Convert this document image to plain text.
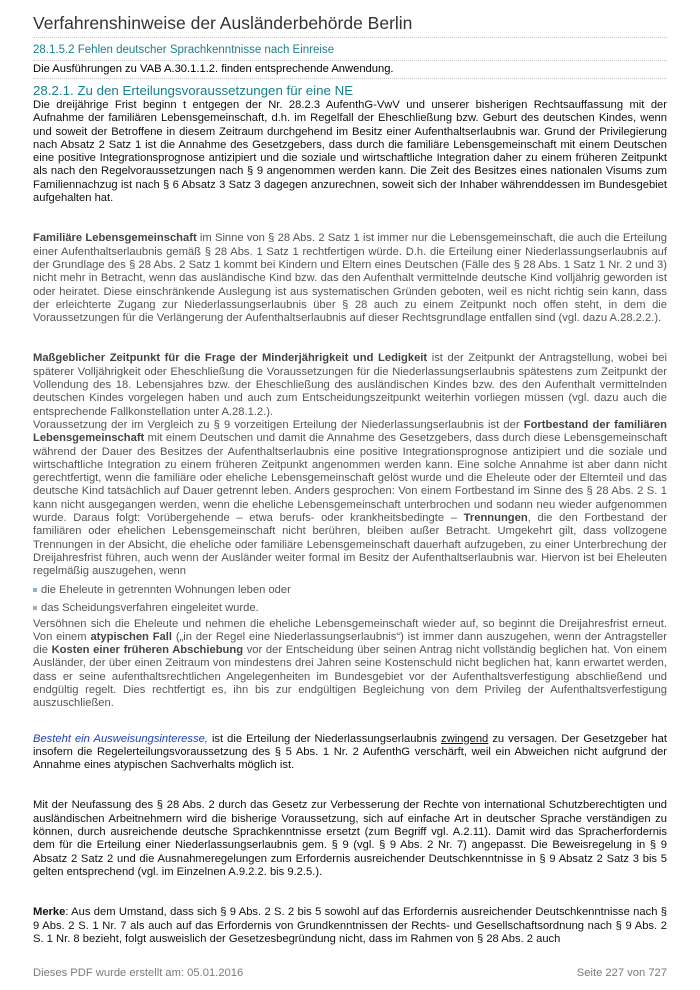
Verfahrenshinweise der Ausländerbehörde Berlin
28.1.5.2 Fehlen deutscher Sprachkenntnisse nach Einreise
Die Ausführungen zu VAB A.30.1.1.2. finden entsprechende Anwendung.
28.2.1. Zu den Erteilungsvoraussetzungen für eine NE

Die dreijährige Frist beginn t entgegen der Nr. 28.2.3 AufenthG-VwV und unserer bisherigen Rechtsauffassung mit der Aufnahme der familiären Lebensgemeinschaft, d.h. im Regelfall der Eheschließung bzw. Geburt des deutschen Kindes, wenn und soweit der Betroffene in diesem Zeitraum durchgehend im Besitz einer Aufenthaltserlaubnis war. Grund der Privilegierung nach Absatz 2 Satz 1 ist die Annahme des Gesetzgebers, dass durch die familiäre Lebensgemeinschaft mit einem Deutschen eine positive Integrationsprognose antizipiert und die soziale und wirtschaftliche Integration daher zu einem früheren Zeitpunkt als nach den Regelvoraussetzungen nach § 9 angenommen werden kann. Die Zeit des Besitzes eines nationalen Visums zum Familiennachzug ist nach § 6 Absatz 3 Satz 3 dagegen anzurechnen, soweit sich der Inhaber währenddessen im Bundesgebiet aufgehalten hat.

Familiäre Lebensgemeinschaft im Sinne von § 28 Abs. 2 Satz 1 ist immer nur die Lebensgemeinschaft, die auch die Erteilung einer Aufenthaltserlaubnis gemäß § 28 Abs. 1 Satz 1 rechtfertigen würde. D.h. die Erteilung einer Niederlassungserlaubnis auf der Grundlage des § 28 Abs. 2 Satz 1 kommt bei Kindern und Eltern eines Deutschen (Fälle des § 28 Abs. 1 Satz 1 Nr. 2 und 3) nicht mehr in Betracht, wenn das ausländische Kind bzw. das den Aufenthalt vermittelnde deutsche Kind volljährig geworden ist oder heiratet. Diese einschränkende Auslegung ist aus systematischen Gründen geboten, weil es nicht richtig sein kann, dass der erleichterte Zugang zur Niederlassungserlaubnis über § 28 auch zu einem Zeitpunkt noch offen steht, in dem die Voraussetzungen für die Verlängerung der Aufenthaltserlaubnis auf dieser Rechtsgrundlage entfallen sind (vgl. dazu A.28.2.2.).

Maßgeblicher Zeitpunkt für die Frage der Minderjährigkeit und Ledigkeit ist der Zeitpunkt der Antragstellung, wobei bei späterer Volljährigkeit oder Eheschließung die Voraussetzungen für die Niederlassungserlaubnis spätestens zum Zeitpunkt der Vollendung des 18. Lebensjahres bzw. der Eheschließung des ausländischen Kindes bzw. des den Aufenthalt vermittelnden deutschen Kindes vorgelegen haben und auch zum Entscheidungszeitpunkt weiterhin vorliegen müssen (vgl. dazu auch die entsprechende Fallkonstellation unter A.28.1.2.).

Voraussetzung der im Vergleich zu § 9 vorzeitigen Erteilung der Niederlassungserlaubnis ist der Fortbestand der familiären Lebensgemeinschaft mit einem Deutschen und damit die Annahme des Gesetzgebers, dass durch diese Lebensgemeinschaft während der Dauer des Besitzes der Aufenthaltserlaubnis eine positive Integrationsprognose antizipiert und die soziale und wirtschaftliche Integration zu einem früheren Zeitpunkt angenommen werden kann. Eine solche Annahme ist aber dann nicht gerechtfertigt, wenn die familiäre oder eheliche Lebensgemeinschaft gelöst wurde und die Eheleute oder der Elternteil und das deutsche Kind tatsächlich auf Dauer getrennt leben. Anders gesprochen: Von einem Fortbestand im Sinne des § 28 Abs. 2 S. 1 kann nicht ausgegangen werden, wenn die eheliche Lebensgemeinschaft unterbrochen und sodann neu wieder aufgenommen wurde. Daraus folgt: Vorübergehende – etwa berufs- oder krankheitsbedingte – Trennungen, die den Fortbestand der familiären oder ehelichen Lebensgemeinschaft nicht berühren, bleiben außer Betracht. Umgekehrt gilt, dass vollzogene Trennungen in der Absicht, die eheliche oder familiäre Lebensgemeinschaft dauerhaft aufzugeben, zu einer Unterbrechung der Dreijahresfrist führen, auch wenn der Ausländer weiter formal im Besitz der Aufenthaltserlaubnis war. Hiervon ist bei Eheleuten regelmäßig auszugehen, wenn

die Eheleute in getrennten Wohnungen leben oder
das Scheidungsverfahren eingeleitet wurde.

Versöhnen sich die Eheleute und nehmen die eheliche Lebensgemeinschaft wieder auf, so beginnt die Dreijahresfrist erneut. Von einem atypischen Fall („in der Regel eine Niederlassungserlaubnis“) ist immer dann auszugehen, wenn der Antragsteller die Kosten einer früheren Abschiebung vor der Entscheidung über seinen Antrag nicht vollständig beglichen hat. Von einem Ausländer, der über einen Zeitraum von mindestens drei Jahren seine Kostenschuld nicht beglichen hat, kann erwartet werden, dass er seine aufenthaltsrechtlichen Angelegenheiten im Bundesgebiet vor der Aufenthaltsverfestigung abschließend und endgültig regelt. Dies rechtfertigt es, ihn bis zur endgültigen Begleichung von dem Privileg der Aufenthaltsverfestigung auszuschließen.

Besteht ein Ausweisungsinteresse, ist die Erteilung der Niederlassungserlaubnis zwingend zu versagen. Der Gesetzgeber hat insofern die Regelerteilungsvoraussetzung des § 5 Abs. 1 Nr. 2 AufenthG verschärft, weil ein Abweichen nicht aufgrund der Annahme eines atypischen Sachverhalts möglich ist.

Mit der Neufassung des § 28 Abs. 2 durch das Gesetz zur Verbesserung der Rechte von international Schutzberechtigten und ausländischen Arbeitnehmern wird die bisherige Voraussetzung, sich auf einfache Art in deutscher Sprache verständigen zu können, durch ausreichende deutsche Sprachkenntnisse ersetzt (zum Begriff vgl. A.2.11). Damit wird das Spracherfordernis dem für die Erteilung einer Niederlassungserlaubnis gem. § 9 (vgl. § 9 Abs. 2 Nr. 7) angepasst. Die Beweisregelung in § 9 Absatz 2 Satz 2 und die Ausnahmeregelungen zum Erfordernis ausreichender Deutschkenntnisse in § 9 Absatz 2 Satz 3 bis 5 gelten entsprechend (vgl. im Einzelnen A.9.2.2. bis 9.2.5.).

Merke: Aus dem Umstand, dass sich § 9 Abs. 2 S. 2 bis 5 sowohl auf das Erfordernis ausreichender Deutschkenntnisse nach § 9 Abs. 2 S. 1 Nr. 7 als auch auf das Erfordernis von Grundkenntnissen der Rechts- und Gesellschaftsordnung nach § 9 Abs. 2 S. 1 Nr. 8 bezieht, folgt ausweislich der Gesetzesbegründung nicht, dass im Rahmen von § 28 Abs. 2 auch

Dieses PDF wurde erstellt am: 05.01.2016	Seite 227 von 727
